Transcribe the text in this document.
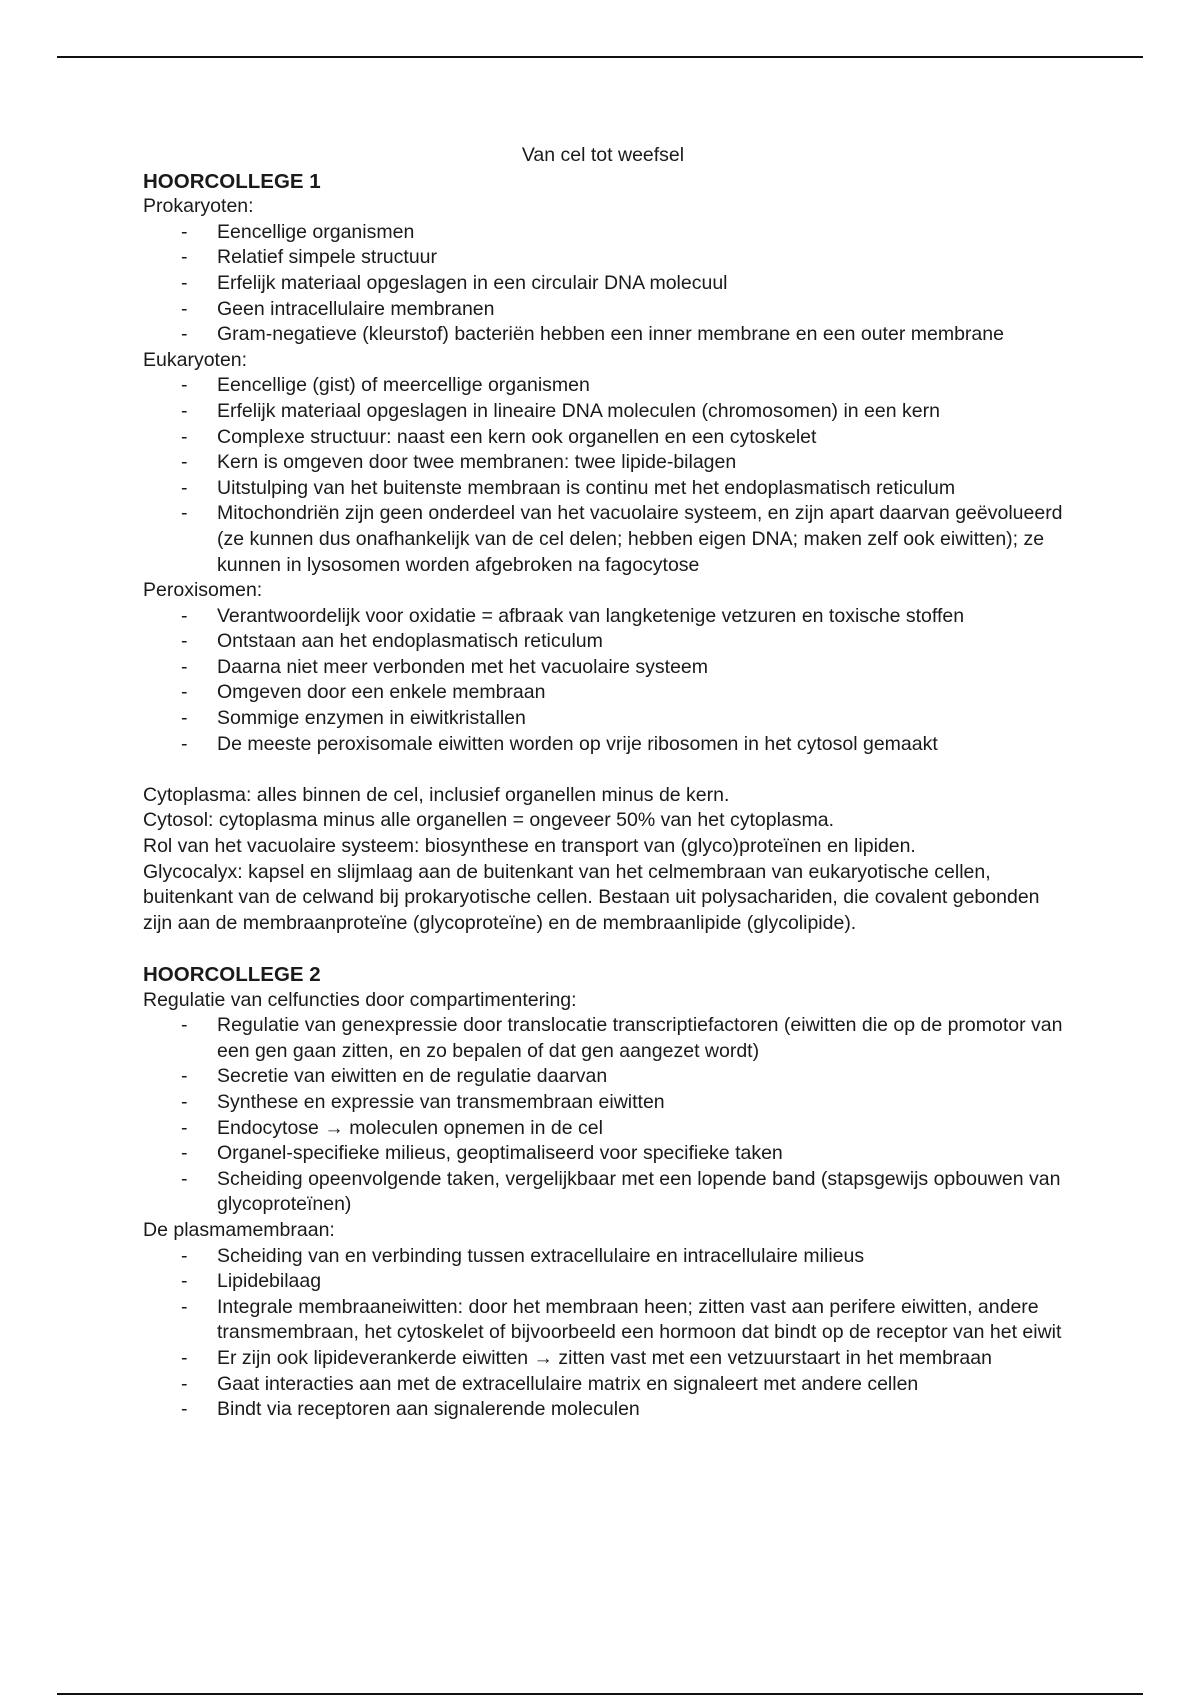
Van cel tot weefsel
HOORCOLLEGE 1
Prokaryoten:
- Eencellige organismen
- Relatief simpele structuur
- Erfelijk materiaal opgeslagen in een circulair DNA molecuul
- Geen intracellulaire membranen
- Gram-negatieve (kleurstof) bacteriën hebben een inner membrane en een outer membrane
Eukaryoten:
- Eencellige (gist) of meercellige organismen
- Erfelijk materiaal opgeslagen in lineaire DNA moleculen (chromosomen) in een kern
- Complexe structuur: naast een kern ook organellen en een cytoskelet
- Kern is omgeven door twee membranen: twee lipide-bilagen
- Uitstulping van het buitenste membraan is continu met het endoplasmatisch reticulum
- Mitochondriën zijn geen onderdeel van het vacuolaire systeem, en zijn apart daarvan geëvolueerd (ze kunnen dus onafhankelijk van de cel delen; hebben eigen DNA; maken zelf ook eiwitten); ze kunnen in lysosomen worden afgebroken na fagocytose
Peroxisomen:
- Verantwoordelijk voor oxidatie = afbraak van langketenige vetzuren en toxische stoffen
- Ontstaan aan het endoplasmatisch reticulum
- Daarna niet meer verbonden met het vacuolaire systeem
- Omgeven door een enkele membraan
- Sommige enzymen in eiwitkristallen
- De meeste peroxisomale eiwitten worden op vrije ribosomen in het cytosol gemaakt
Cytoplasma: alles binnen de cel, inclusief organellen minus de kern.
Cytosol: cytoplasma minus alle organellen = ongeveer 50% van het cytoplasma.
Rol van het vacuolaire systeem: biosynthese en transport van (glyco)proteïnen en lipiden.
Glycocalyx: kapsel en slijmlaag aan de buitenkant van het celmembraan van eukaryotische cellen, buitenkant van de celwand bij prokaryotische cellen. Bestaan uit polysachariden, die covalent gebonden zijn aan de membraanproteïne (glycoproteïne) en de membraanlipide (glycolipide).
HOORCOLLEGE 2
Regulatie van celfuncties door compartimentering:
- Regulatie van genexpressie door translocatie transcriptiefactoren (eiwitten die op de promotor van een gen gaan zitten, en zo bepalen of dat gen aangezet wordt)
- Secretie van eiwitten en de regulatie daarvan
- Synthese en expressie van transmembraan eiwitten
- Endocytose → moleculen opnemen in de cel
- Organel-specifieke milieus, geoptimaliseerd voor specifieke taken
- Scheiding opeenvolgende taken, vergelijkbaar met een lopende band (stapsgewijs opbouwen van glycoproteïnen)
De plasmamembraan:
- Scheiding van en verbinding tussen extracellulaire en intracellulaire milieus
- Lipidebilaag
- Integrale membraaneiwitten: door het membraan heen; zitten vast aan perifere eiwitten, andere transmembraan, het cytoskelet of bijvoorbeeld een hormoon dat bindt op de receptor van het eiwit
- Er zijn ook lipideverankerde eiwitten → zitten vast met een vetzuurstaart in het membraan
- Gaat interacties aan met de extracellulaire matrix en signaleert met andere cellen
- Bindt via receptoren aan signalerende moleculen
